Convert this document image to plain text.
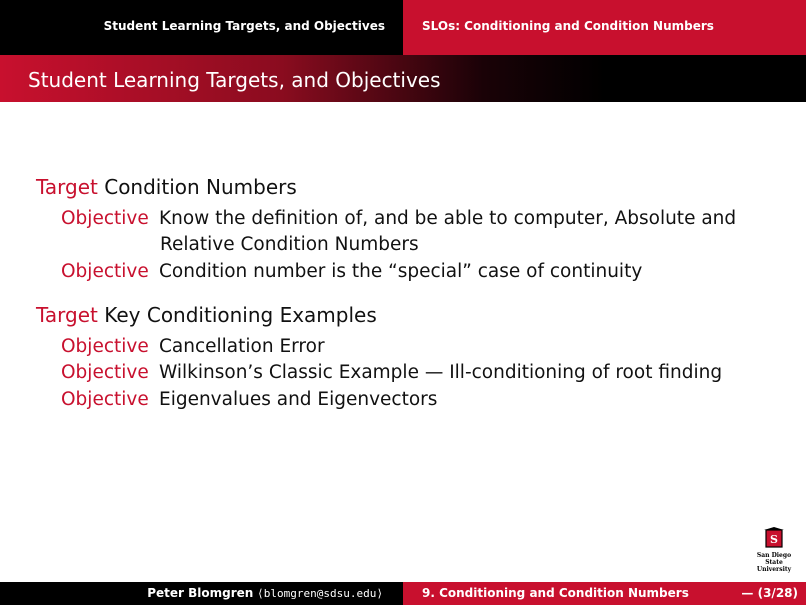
Student Learning Targets, and Objectives	SLOs: Conditioning and Condition Numbers
Student Learning Targets, and Objectives
Target Condition Numbers
Objective Know the definition of, and be able to computer, Absolute and
Relative Condition Numbers
Objective Condition number is the “special” case of continuity
Target Key Conditioning Examples
Objective Cancellation Error
Objective Wilkinson’s Classic Example — Ill-conditioning of root finding
Objective Eigenvalues and Eigenvectors
S
San Diego State
University
Peter Blomgren ⟨blomgren@sdsu.edu⟩	9. Conditioning and Condition Numbers	— (3/28)
